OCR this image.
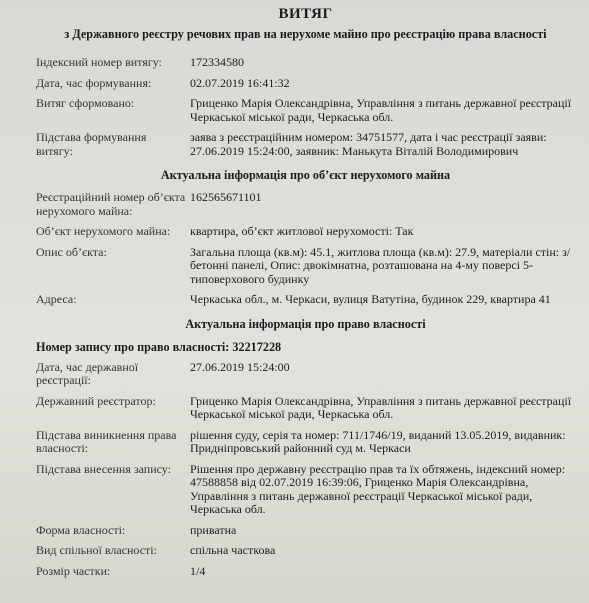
ВИТЯГ
з Державного реєстру речових прав на нерухоме майно про реєстрацію права власності
Індексний номер витягу:	172334580
Дата, час формування:	02.07.2019 16:41:32
Витяг сформовано:	Гриценко Марія Олександрівна, Управління з питань державної реєстрації Черкаської міської ради, Черкаська обл.
Підстава формування витягу:
заява з реєстраційним номером: 34751577, дата і час реєстрації заяви: 27.06.2019 15:24:00, заявник: Манькута Віталій Володимирович
Актуальна інформація про об’єкт нерухомого майна
Реєстраційний номер об’єкта нерухомого майна:
162565671101
Об’єкт нерухомого майна:	квартира, об’єкт житлової нерухомості: Так
Опис об’єкта:	Загальна площа (кв.м): 45.1, житлова площа (кв.м): 27.9, матеріали стін: з/бетонні панелі, Опис: двокімнатна, розташована на 4-му поверсі 5-типоверхового будинку
Адреса:	Черкаська обл., м. Черкаси, вулиця Ватутіна, будинок 229, квартира 41
Актуальна інформація про право власності
Номер запису про право власності: 32217228
Дата, час державної реєстрації:
27.06.2019 15:24:00
Державний реєстратор:	Гриценко Марія Олександрівна, Управління з питань державної реєстрації Черкаської міської ради, Черкаська обл.
Підстава виникнення права власності:
рішення суду, серія та номер: 711/1746/19, виданий 13.05.2019, видавник: Придніпровський районний суд м. Черкаси
Підстава внесення запису:	Рішення про державну реєстрацію прав та їх обтяжень, індексний номер: 47588858 від 02.07.2019 16:39:06, Гриценко Марія Олександрівна, Управління з питань державної реєстрації Черкаської міської ради, Черкаська обл.
Форма власності:	приватна
Вид спільної власності:	спільна часткова
Розмір частки:	1/4
